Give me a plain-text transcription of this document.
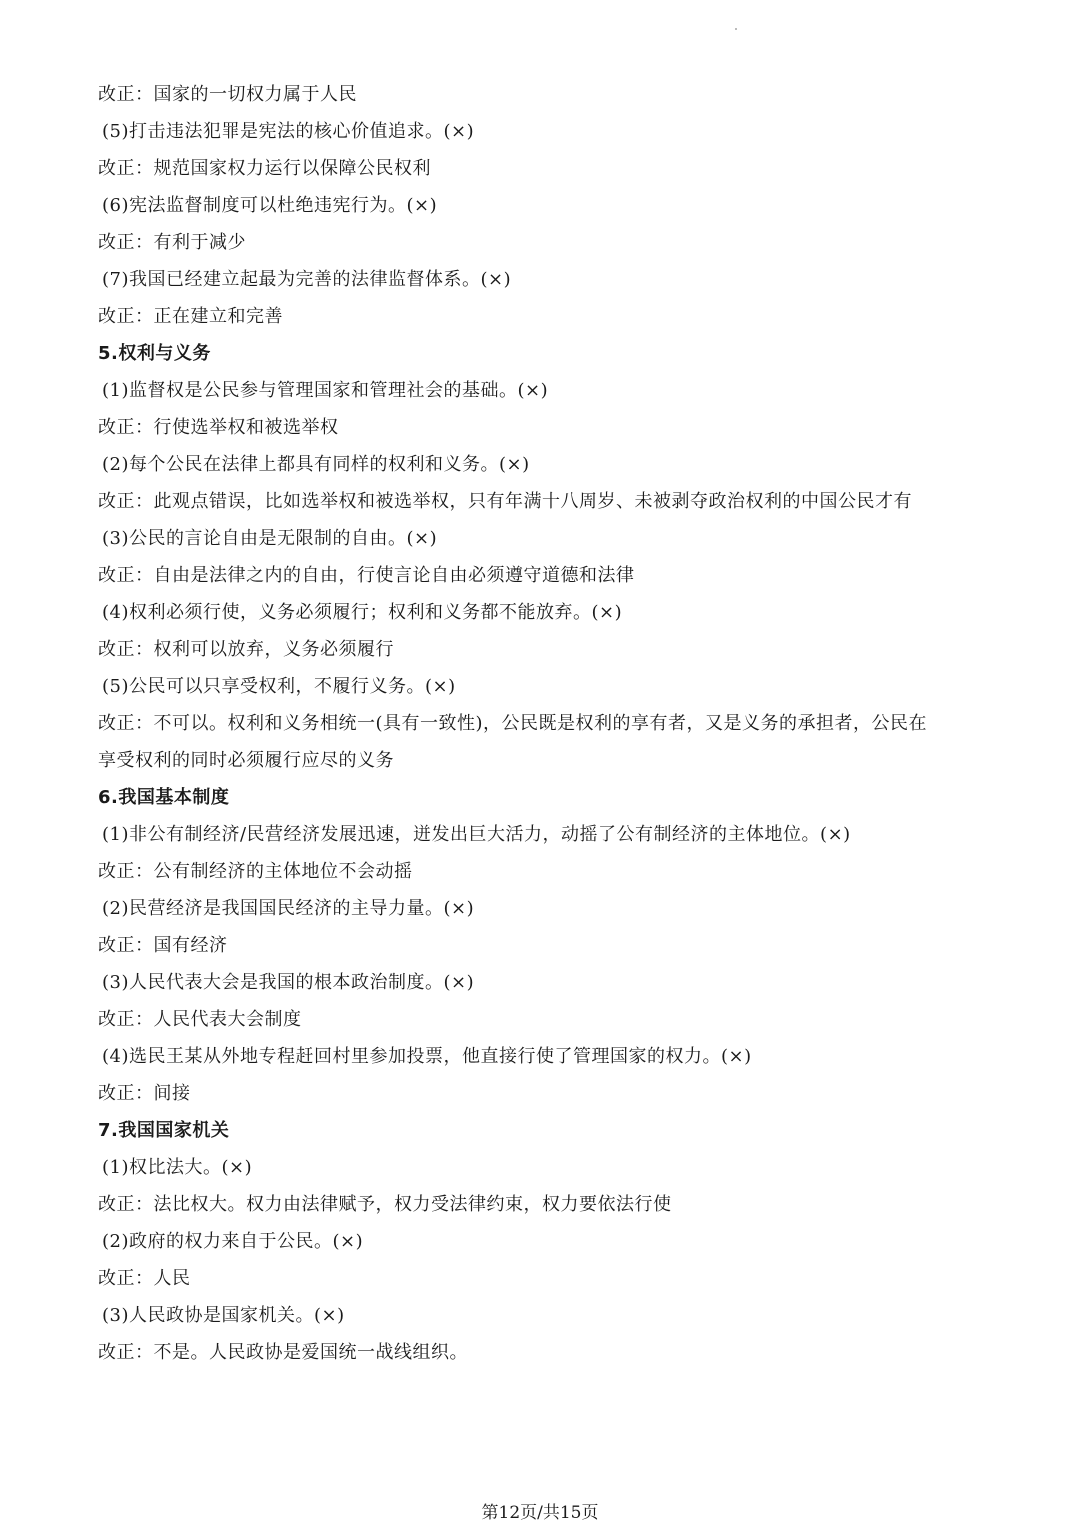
改正：国家的一切权力属于人民
(5)打击违法犯罪是宪法的核心价值追求。(×)
改正：规范国家权力运行以保障公民权利
(6)宪法监督制度可以杜绝违宪行为。(×)
改正：有利于减少
(7)我国已经建立起最为完善的法律监督体系。(×)
改正：正在建立和完善
5.权利与义务
(1)监督权是公民参与管理国家和管理社会的基础。(×)
改正：行使选举权和被选举权
(2)每个公民在法律上都具有同样的权利和义务。(×)
改正：此观点错误，比如选举权和被选举权，只有年满十八周岁、未被剥夺政治权利的中国公民才有
(3)公民的言论自由是无限制的自由。(×)
改正：自由是法律之内的自由，行使言论自由必须遵守道德和法律
(4)权利必须行使，义务必须履行；权利和义务都不能放弃。(×)
改正：权利可以放弃，义务必须履行
(5)公民可以只享受权利，不履行义务。(×)
改正：不可以。权利和义务相统一(具有一致性)，公民既是权利的享有者，又是义务的承担者，公民在
享受权利的同时必须履行应尽的义务
6.我国基本制度
(1)非公有制经济/民营经济发展迅速，迸发出巨大活力，动摇了公有制经济的主体地位。(×)
改正：公有制经济的主体地位不会动摇
(2)民营经济是我国国民经济的主导力量。(×)
改正：国有经济
(3)人民代表大会是我国的根本政治制度。(×)
改正：人民代表大会制度
(4)选民王某从外地专程赶回村里参加投票，他直接行使了管理国家的权力。(×)
改正：间接
7.我国国家机关
(1)权比法大。(×)
改正：法比权大。权力由法律赋予，权力受法律约束，权力要依法行使
(2)政府的权力来自于公民。(×)
改正：人民
(3)人民政协是国家机关。(×)
改正：不是。人民政协是爱国统一战线组织。
第12页/共15页
